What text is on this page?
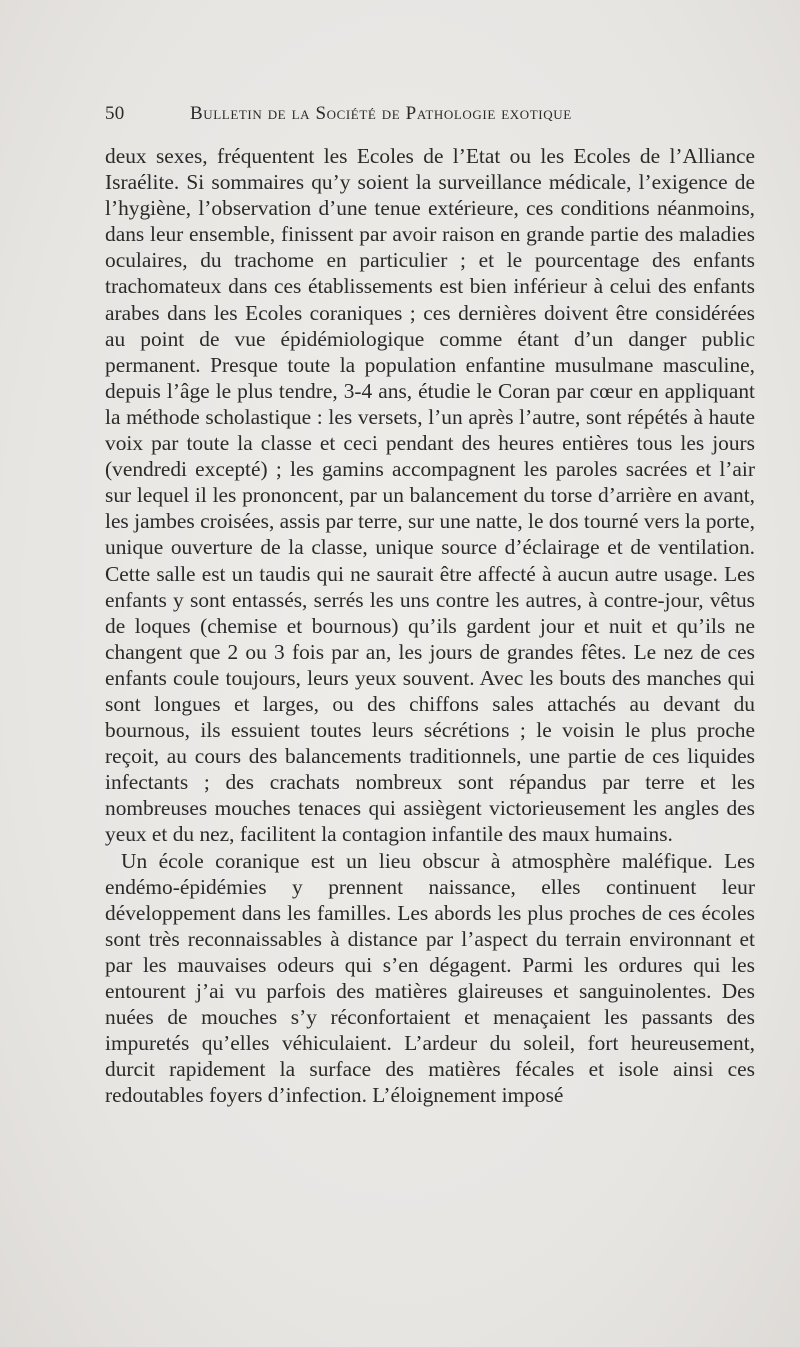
50	Bulletin de la Société de Pathologie exotique

deux sexes, fréquentent les Ecoles de l’Etat ou les Ecoles de l’Alliance Israélite. Si sommaires qu’y soient la surveillance médicale, l’exigence de l’hygiène, l’observation d’une tenue extérieure, ces conditions néanmoins, dans leur ensemble, finissent par avoir raison en grande partie des maladies oculaires, du trachome en particulier ; et le pourcentage des enfants trachomateux dans ces établissements est bien inférieur à celui des enfants arabes dans les Ecoles coraniques ; ces dernières doivent être considérées au point de vue épidémiologique comme étant d’un danger public permanent. Presque toute la population enfantine musulmane masculine, depuis l’âge le plus tendre, 3-4 ans, étudie le Coran par cœur en appliquant la méthode scholastique : les versets, l’un après l’autre, sont répétés à haute voix par toute la classe et ceci pendant des heures entières tous les jours (vendredi excepté) ; les gamins accompagnent les paroles sacrées et l’air sur lequel il les prononcent, par un balancement du torse d’arrière en avant, les jambes croisées, assis par terre, sur une natte, le dos tourné vers la porte, unique ouverture de la classe, unique source d’éclairage et de ventilation. Cette salle est un taudis qui ne saurait être affecté à aucun autre usage. Les enfants y sont entassés, serrés les uns contre les autres, à contre-jour, vêtus de loques (chemise et bournous) qu’ils gardent jour et nuit et qu’ils ne changent que 2 ou 3 fois par an, les jours de grandes fêtes. Le nez de ces enfants coule toujours, leurs yeux souvent. Avec les bouts des manches qui sont longues et larges, ou des chiffons sales attachés au devant du bournous, ils essuient toutes leurs sécrétions ; le voisin le plus proche reçoit, au cours des balancements traditionnels, une partie de ces liquides infectants ; des crachats nombreux sont répandus par terre et les nombreuses mouches tenaces qui assiègent victorieusement les angles des yeux et du nez, facilitent la contagion infantile des maux humains.

Un école coranique est un lieu obscur à atmosphère maléfique. Les endémo-épidémies y prennent naissance, elles continuent leur développement dans les familles. Les abords les plus proches de ces écoles sont très reconnaissables à distance par l’aspect du terrain environnant et par les mauvaises odeurs qui s’en dégagent. Parmi les ordures qui les entourent j’ai vu parfois des matières glaireuses et sanguinolentes. Des nuées de mouches s’y réconfortaient et menaçaient les passants des impuretés qu’elles véhiculaient. L’ardeur du soleil, fort heureusement, durcit rapidement la surface des matières fécales et isole ainsi ces redoutables foyers d’infection. L’éloignement imposé
